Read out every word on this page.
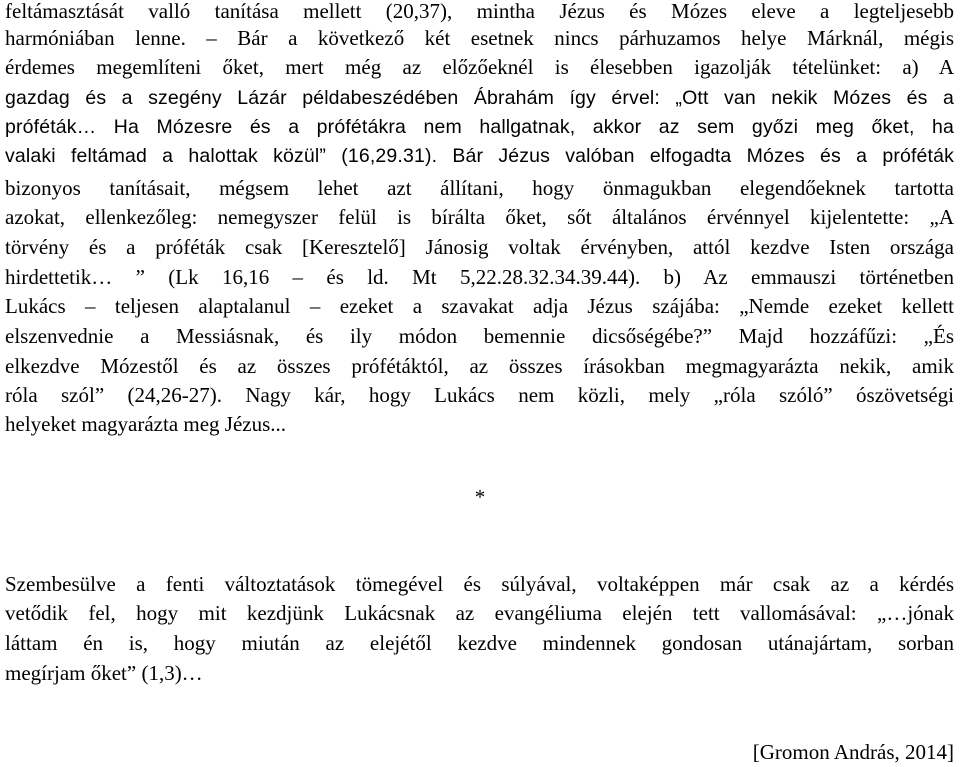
feltámasztását valló tanítása mellett (20,37), mintha Jézus és Mózes eleve a legteljesebb
harmóniában lenne. – Bár a következő két esetnek nincs párhuzamos helye Márknál, mégis
érdemes megemlíteni őket, mert még az előzőeknél is élesebben igazolják tételünket: a) A
gazdag és a szegény Lázár példabeszédében Ábrahám így érvel: „Ott van nekik Mózes és a
próféták… Ha Mózesre és a prófétákra nem hallgatnak, akkor az sem győzi meg őket, ha
valaki feltámad a halottak közül” (16,29.31). Bár Jézus valóban elfogadta Mózes és a próféták
bizonyos tanításait, mégsem lehet azt állítani, hogy önmagukban elegendőeknek tartotta
azokat, ellenkezőleg: nemegyszer felül is bírálta őket, sőt általános érvénnyel kijelentette: „A
törvény és a próféták csak [Keresztelő] Jánosig voltak érvényben, attól kezdve Isten országa
hirdettetik… ” (Lk 16,16 – és ld. Mt 5,22.28.32.34.39.44). b) Az emmauszi történetben
Lukács – teljesen alaptalanul – ezeket a szavakat adja Jézus szájába: „Nemde ezeket kellett
elszenvednie a Messiásnak, és ily módon bemennie dicsőségébe?” Majd hozzáfűzi: „És
elkezdve Mózestől és az összes prófétáktól, az összes írásokban megmagyarázta nekik, amik
róla szól” (24,26-27). Nagy kár, hogy Lukács nem közli, mely „róla szóló” ószövetségi
helyeket magyarázta meg Jézus...
*
Szembesülve a fenti változtatások tömegével és súlyával, voltaképpen már csak az a kérdés
vetődik fel, hogy mit kezdjünk Lukácsnak az evangéliuma elején tett vallomásával: „…jónak
láttam én is, hogy miután az elejétől kezdve mindennek gondosan utánajártam, sorban
megírjam őket” (1,3)…
[Gromon András, 2014]
